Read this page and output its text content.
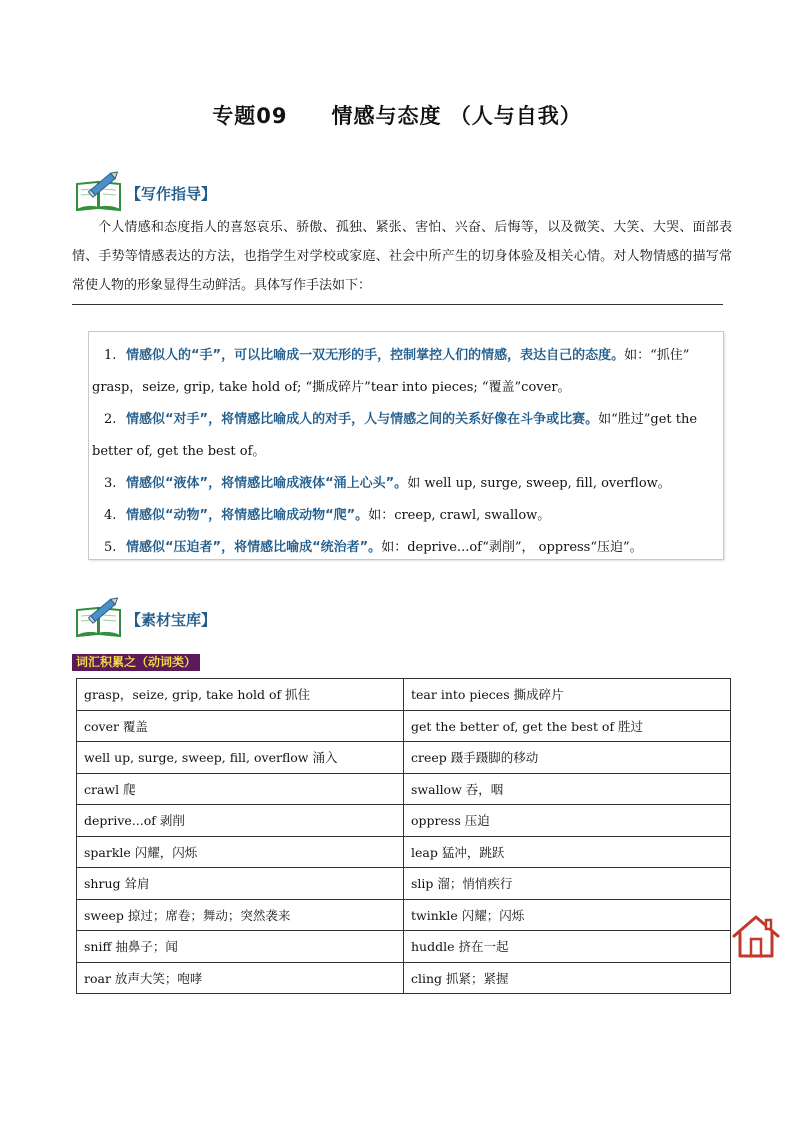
专题09　　情感与态度 （人与自我）
【写作指导】
个人情感和态度指人的喜怒哀乐、骄傲、孤独、紧张、害怕、兴奋、后悔等，以及微笑、大笑、大哭、面部表情、手势等情感表达的方法，也指学生对学校或家庭、社会中所产生的切身体验及相关心情。对人物情感的描写常常使人物的形象显得生动鲜活。具体写作手法如下：

1. 情感似人的“手”，可以比喻成一双无形的手，控制掌控人们的情感，表达自己的态度。如：“抓住” grasp，seize, grip, take hold of; “撕成碎片”tear into pieces; “覆盖”cover。

2. 情感似“对手”，将情感比喻成人的对手，人与情感之间的关系好像在斗争或比赛。如“胜过”get the better of, get the best of。

3. 情感似“液体”，将情感比喻成液体“涌上心头”。如 well up, surge, sweep, fill, overflow。

4. 情感似“动物”，将情感比喻成动物“爬”。如：creep, crawl, swallow。

5. 情感似“压迫者”，将情感比喻成“统治者”。如：deprive...of“剥削”， oppress“压迫”。

【素材宝库】
词汇积累之（动词类）
grasp，seize, grip, take hold of 抓住	tear into pieces 撕成碎片
cover 覆盖	get the better of, get the best of 胜过
well up, surge, sweep, fill, overflow 涌入	creep 蹑手蹑脚的移动
crawl 爬	swallow 吞，咽
deprive...of 剥削	oppress 压迫
sparkle 闪耀，闪烁	leap 猛冲，跳跃
shrug 耸肩	slip 溜；悄悄疾行
sweep 掠过；席卷；舞动；突然袭来	twinkle 闪耀；闪烁
sniff 抽鼻子；闻	huddle 挤在一起
roar 放声大笑；咆哮	cling 抓紧；紧握
